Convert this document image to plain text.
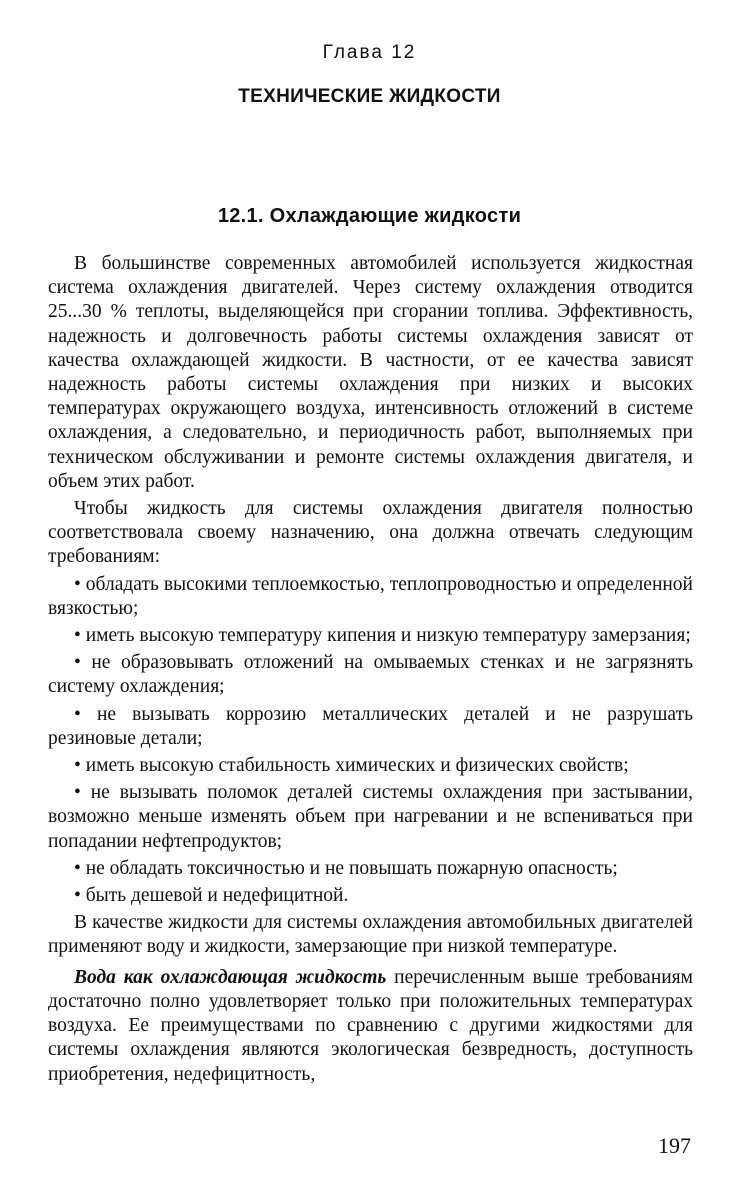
Глава 12
ТЕХНИЧЕСКИЕ ЖИДКОСТИ
12.1. Охлаждающие жидкости

В большинстве современных автомобилей используется жидкостная система охлаждения двигателей. Через систему охлаждения отводится 25...30 % теплоты, выделяющейся при сгорании топлива. Эффективность, надежность и долговечность работы системы охлаждения зависят от качества охлаждающей жидкости. В частности, от ее качества зависят надежность работы системы охлаждения при низких и высоких температурах окружающего воздуха, интенсивность отложений в системе охлаждения, а следовательно, и периодичность работ, выполняемых при техническом обслуживании и ремонте системы охлаждения двигателя, и объем этих работ.

Чтобы жидкость для системы охлаждения двигателя полностью соответствовала своему назначению, она должна отвечать следующим требованиям:

• обладать высокими теплоемкостью, теплопроводностью и определенной вязкостью;

• иметь высокую температуру кипения и низкую температуру замерзания;

• не образовывать отложений на омываемых стенках и не загрязнять систему охлаждения;

• не вызывать коррозию металлических деталей и не разрушать резиновые детали;

• иметь высокую стабильность химических и физических свойств;

• не вызывать поломок деталей системы охлаждения при застывании, возможно меньше изменять объем при нагревании и не вспениваться при попадании нефтепродуктов;

• не обладать токсичностью и не повышать пожарную опасность;

• быть дешевой и недефицитной.

В качестве жидкости для системы охлаждения автомобильных двигателей применяют воду и жидкости, замерзающие при низкой температуре.

Вода как охлаждающая жидкость перечисленным выше требованиям достаточно полно удовлетворяет только при положительных температурах воздуха. Ее преимуществами по сравнению с другими жидкостями для системы охлаждения являются экологическая безвредность, доступность приобретения, недефицитность,

197
